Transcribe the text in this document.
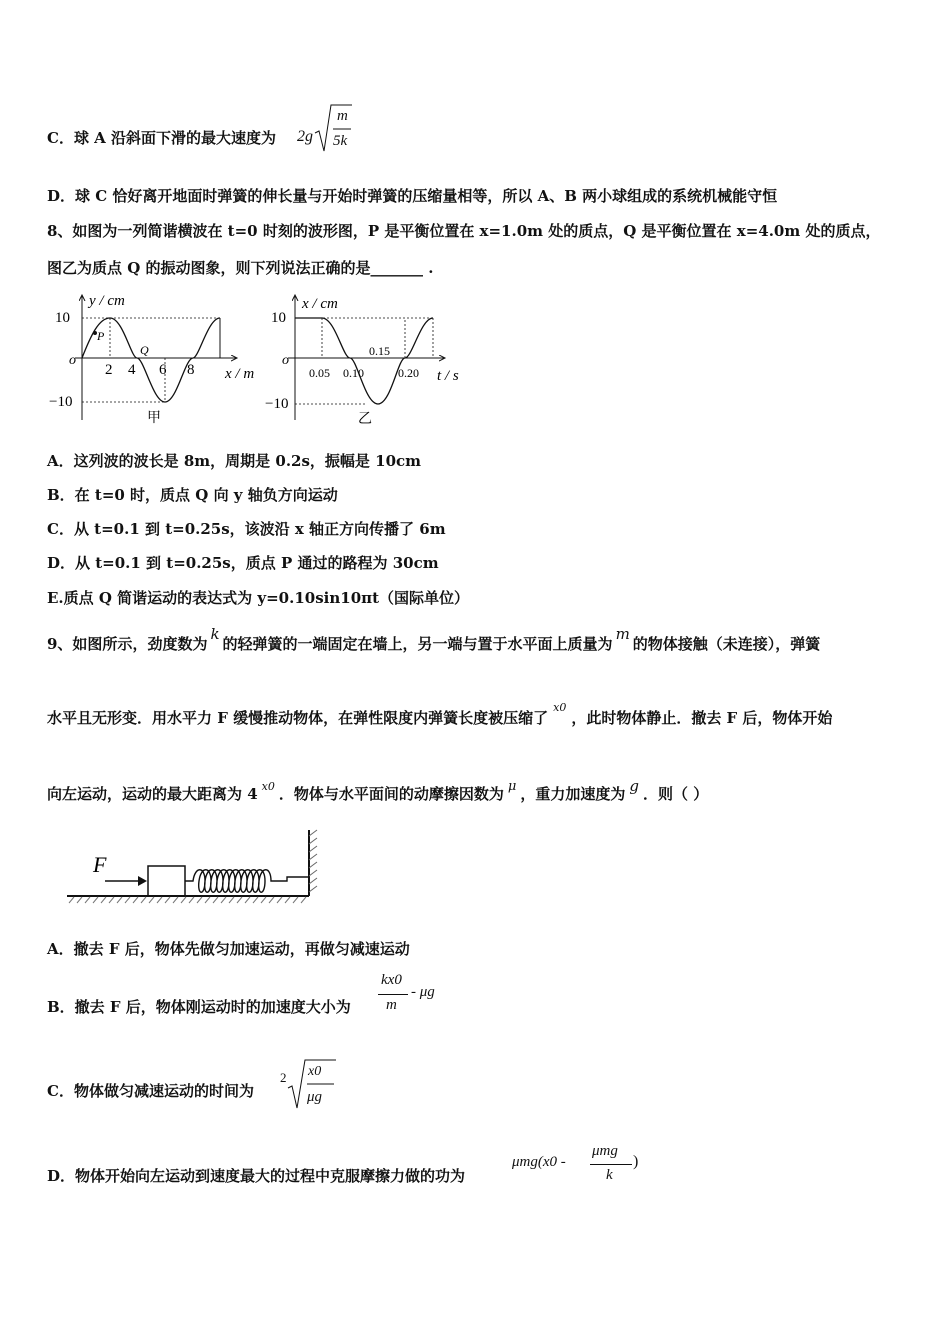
C．球 A 沿斜面下滑的最大速度为 2g
m
5k
D．球 C 恰好离开地面时弹簧的伸长量与开始时弹簧的压缩量相等，所以 A、B 两小球组成的系统机械能守恒
8、如图为一列简谐横波在 t=0 时刻的波形图，P 是平衡位置在 x=1.0m 处的质点，Q 是平衡位置在 x=4.0m 处的质点，
图乙为质点 Q 的振动图象，则下列说法正确的是_______ .
y / cm
10
−10
o
P
Q
2 4 6 8 x / m
甲
x / cm
10
−10
o
0.05 0.10
0.15
0.20 t / s
乙
A．这列波的波长是 8m，周期是 0.2s，振幅是 10cm
B．在 t=0 时，质点 Q 向 y 轴负方向运动
C．从 t=0.1 到 t=0.25s，该波沿 x 轴正方向传播了 6m
D．从 t=0.1 到 t=0.25s，质点 P 通过的路程为 30cm
E.质点 Q 简谐运动的表达式为 y=0.10sin10πt（国际单位）
9、如图所示，劲度数为k的轻弹簧的一端固定在墙上，另一端与置于水平面上质量为m的物体接触（未连接），弹簧
水平且无形变．用水平力 F 缓慢推动物体，在弹性限度内弹簧长度被压缩了$^{x0}$，此时物体静止．撤去 F 后，物体开始
向左运动，运动的最大距离为 4 $^{x0}$ ．物体与水平面间的动摩擦因数为 μ ，重力加速度为 g ．则（ ）
F
A．撤去 F 后，物体先做匀加速运动，再做匀减速运动
B．撤去 F 后，物体刚运动时的加速度大小为
kx0
m
- μg
C．物体做匀减速运动的时间为
2 x0
μg
D．物体开始向左运动到速度最大的过程中克服摩擦力做的功为
μmg(x0 -
μmg
k
)
